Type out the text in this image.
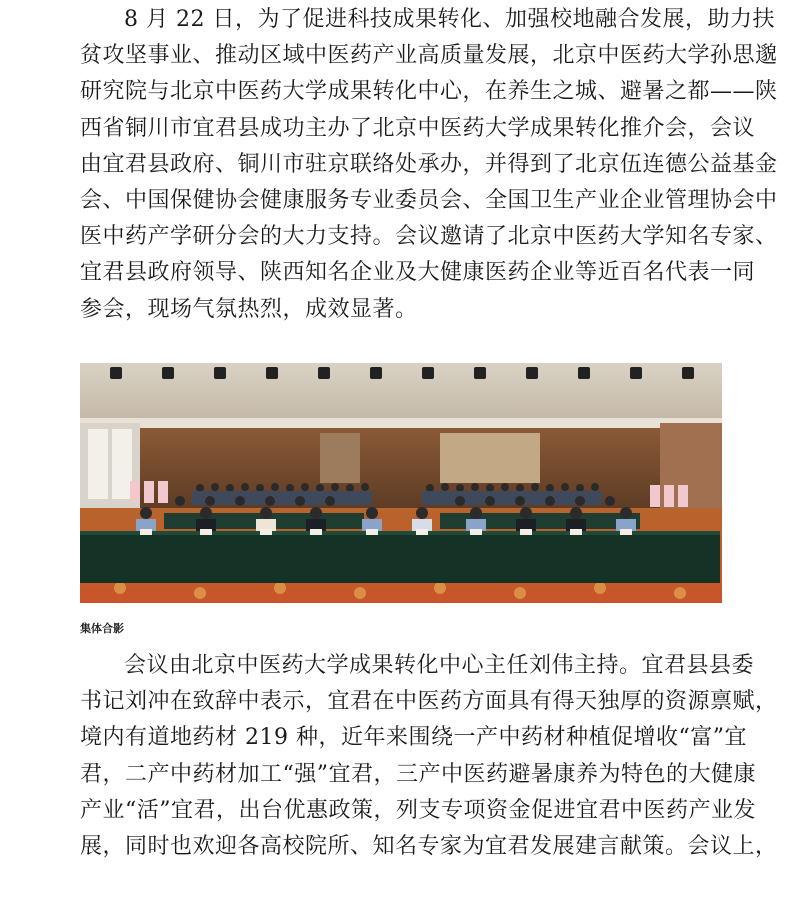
8 月 22 日，为了促进科技成果转化、加强校地融合发展，助力扶
贫攻坚事业、推动区域中医药产业高质量发展，北京中医药大学孙思邈
研究院与北京中医药大学成果转化中心，在养生之城、避暑之都——陕
西省铜川市宜君县成功主办了北京中医药大学成果转化推介会，会议
由宜君县政府、铜川市驻京联络处承办，并得到了北京伍连德公益基金
会、中国保健协会健康服务专业委员会、全国卫生产业企业管理协会中
医中药产学研分会的大力支持。会议邀请了北京中医药大学知名专家、
宜君县政府领导、陕西知名企业及大健康医药企业等近百名代表一同
参会，现场气氛热烈，成效显著。

集体合影

会议由北京中医药大学成果转化中心主任刘伟主持。宜君县县委
书记刘冲在致辞中表示，宜君在中医药方面具有得天独厚的资源禀赋，
境内有道地药材 219 种，近年来围绕一产中药材种植促增收“富”宜
君，二产中药材加工“强”宜君，三产中医药避暑康养为特色的大健康
产业“活”宜君，出台优惠政策，列支专项资金促进宜君中医药产业发
展，同时也欢迎各高校院所、知名专家为宜君发展建言献策。会议上，
